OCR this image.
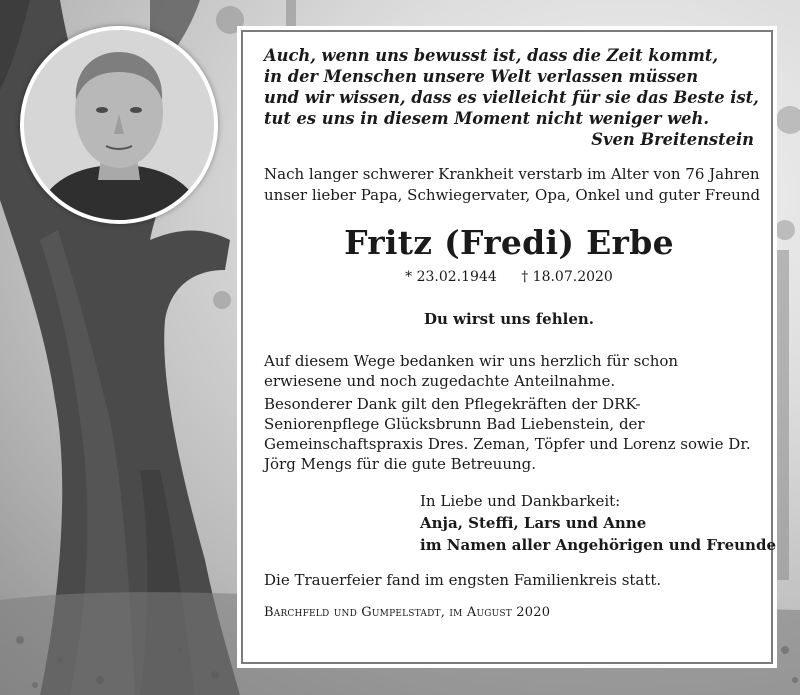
Auch, wenn uns bewusst ist, dass die Zeit kommt,

in der Menschen unsere Welt verlassen müssen

und wir wissen, dass es vielleicht für sie das Beste ist,

tut es uns in diesem Moment nicht weniger weh.

Sven Breitenstein

Nach langer schwerer Krankheit verstarb im Alter von 76 Jahren

unser lieber Papa, Schwiegervater, Opa, Onkel und guter Freund

Fritz (Fredi) Erbe
* 23.02.1944 † 18.07.2020
Du wirst uns fehlen.

Auf diesem Wege bedanken wir uns herzlich für schon erwiesene und noch zugedachte Anteilnahme.

Besonderer Dank gilt den Pflegekräften der DRK-Seniorenpflege Glücksbrunn Bad Liebenstein, der Gemeinschaftspraxis Dres. Zeman, Töpfer und Lorenz sowie Dr. Jörg Mengs für die gute Betreuung.

In Liebe und Dankbarkeit:
Anja, Steffi, Lars und Anne
im Namen aller Angehörigen und Freunde
Die Trauerfeier fand im engsten Familienkreis statt.
Barchfeld und Gumpelstadt, im August 2020
